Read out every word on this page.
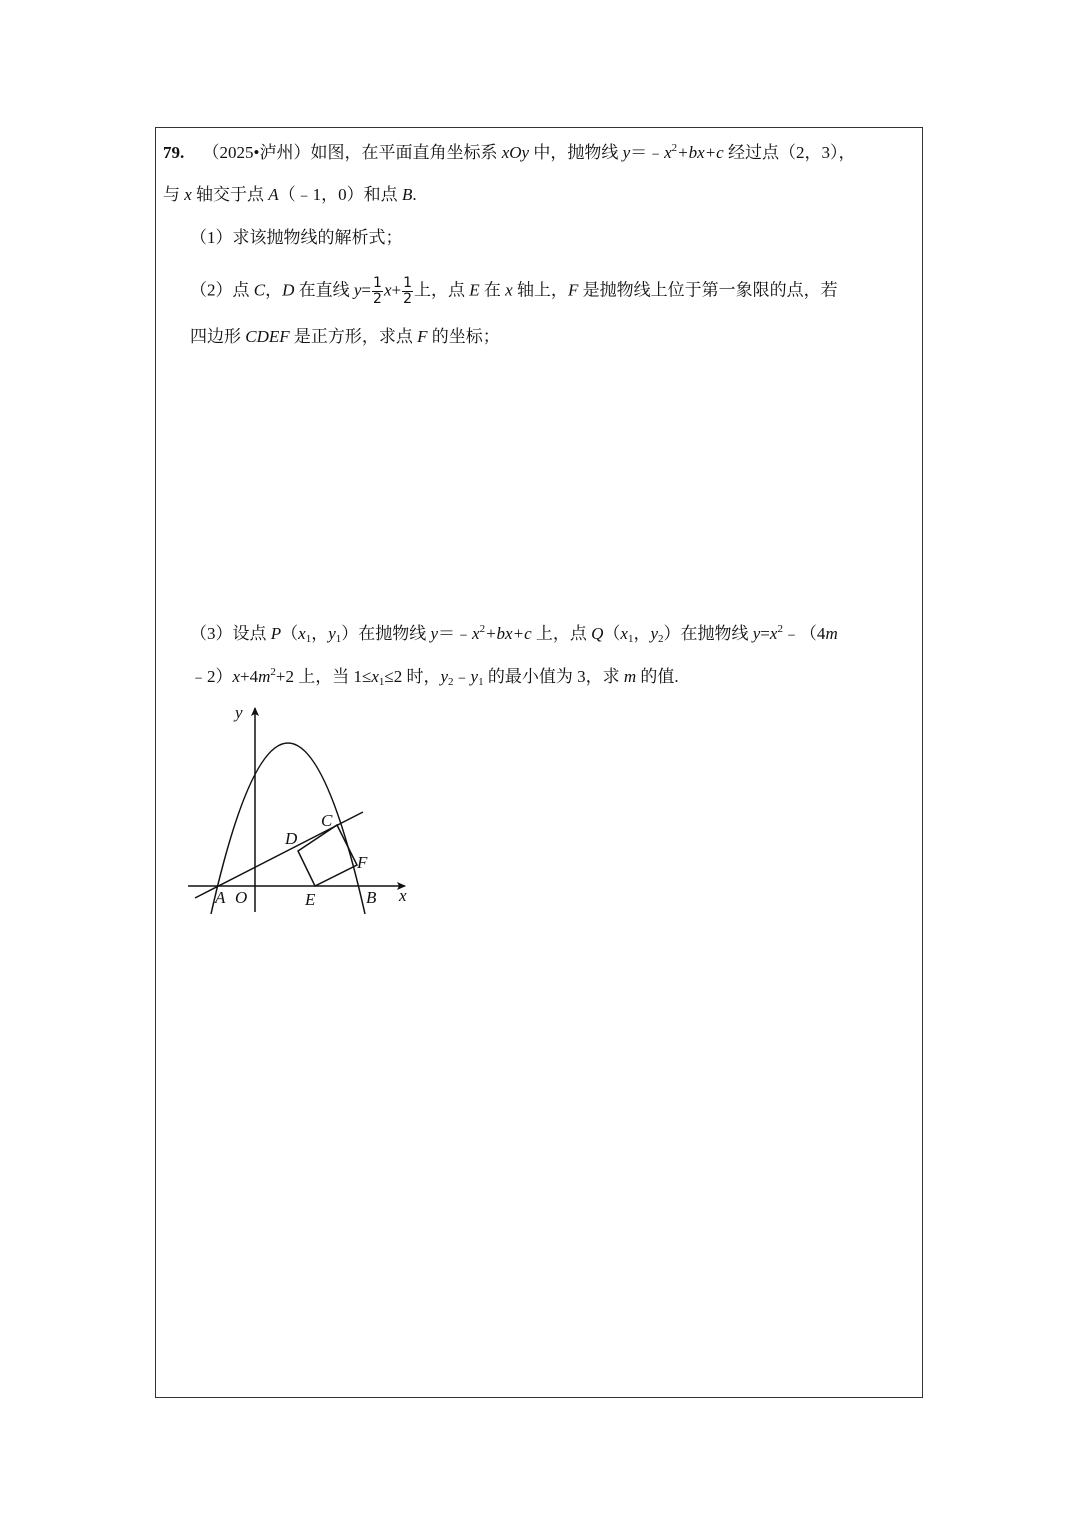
79. （2025•泸州）如图，在平面直角坐标系 xOy 中，抛物线 $y=﹣x^2+bx+c$ 经过点（2，3），
与 x 轴交于点 A（﹣1，0）和点 B.
（1）求该抛物线的解析式；
（2）点 C，D 在直线 $y= \frac{1}{2} x+ \frac{1}{2}$ 上，点 E 在 x 轴上，F 是抛物线上位于第一象限的点，若
四边形 CDEF 是正方形，求点 F 的坐标；
（3）设点 $P(x_1$，$y_1$）在抛物线 $y=﹣x^2+bx+c$ 上，点 $Q(x_1$，$y_2$）在抛物线 $y=x^2﹣(4m$
$﹣2)x+4m^2+2$ 上，当 $1\le x_1\le 2$ 时，$y_2﹣y_1$ 的最小值为 3，求 m 的值.
y
x
A O	B
C
D
E
F
